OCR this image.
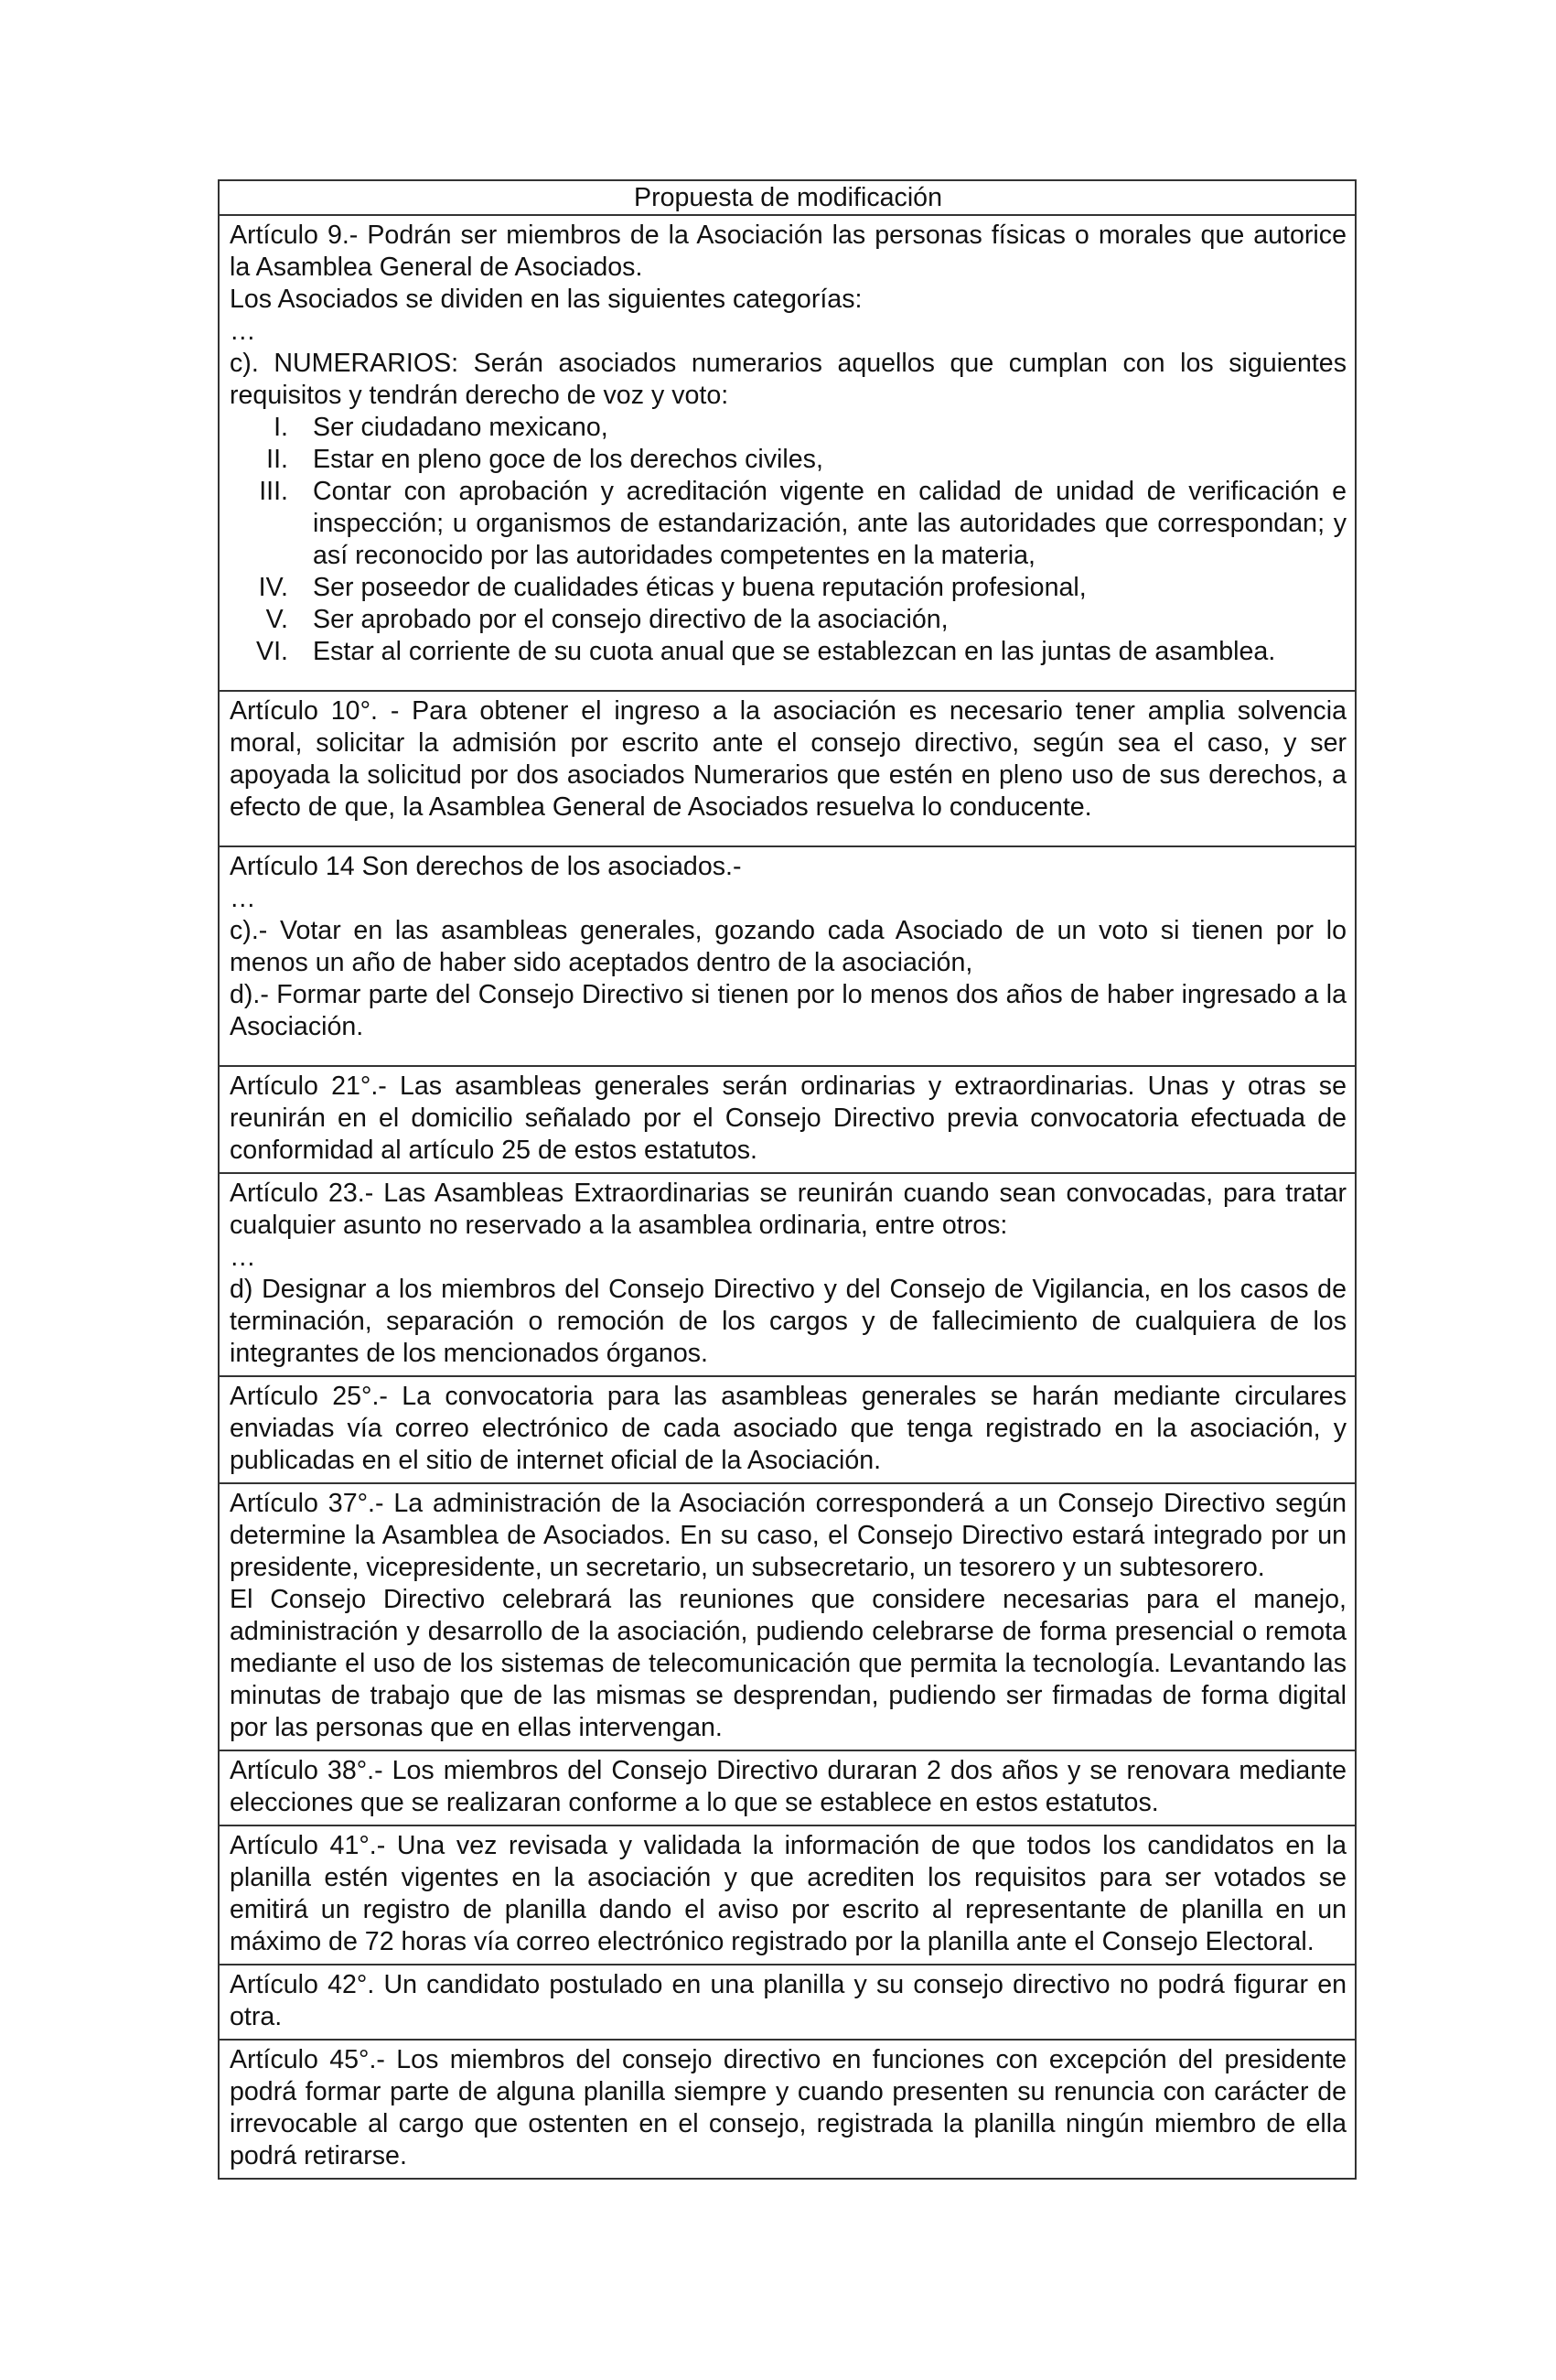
Propuesta de modificación

Artículo 9.- Podrán ser miembros de la Asociación las personas físicas o morales que autorice la Asamblea General de Asociados.
Los Asociados se dividen en las siguientes categorías:
…
c). NUMERARIOS: Serán asociados numerarios aquellos que cumplan con los siguientes requisitos y tendrán derecho de voz y voto:
I. Ser ciudadano mexicano,
II. Estar en pleno goce de los derechos civiles,
III. Contar con aprobación y acreditación vigente en calidad de unidad de verificación e inspección; u organismos de estandarización, ante las autoridades que correspondan; y así reconocido por las autoridades competentes en la materia,
IV. Ser poseedor de cualidades éticas y buena reputación profesional,
V. Ser aprobado por el consejo directivo de la asociación,
VI. Estar al corriente de su cuota anual que se establezcan en las juntas de asamblea.

Artículo 10°. - Para obtener el ingreso a la asociación es necesario tener amplia solvencia moral, solicitar la admisión por escrito ante el consejo directivo, según sea el caso, y ser apoyada la solicitud por dos asociados Numerarios que estén en pleno uso de sus derechos, a efecto de que, la Asamblea General de Asociados resuelva lo conducente.

Artículo 14 Son derechos de los asociados.-
…
c).- Votar en las asambleas generales, gozando cada Asociado de un voto si tienen por lo menos un año de haber sido aceptados dentro de la asociación,
d).- Formar parte del Consejo Directivo si tienen por lo menos dos años de haber ingresado a la Asociación.

Artículo 21°.- Las asambleas generales serán ordinarias y extraordinarias. Unas y otras se reunirán en el domicilio señalado por el Consejo Directivo previa convocatoria efectuada de conformidad al artículo 25 de estos estatutos.

Artículo 23.- Las Asambleas Extraordinarias se reunirán cuando sean convocadas, para tratar cualquier asunto no reservado a la asamblea ordinaria, entre otros:
…
d) Designar a los miembros del Consejo Directivo y del Consejo de Vigilancia, en los casos de terminación, separación o remoción de los cargos y de fallecimiento de cualquiera de los integrantes de los mencionados órganos.

Artículo 25°.- La convocatoria para las asambleas generales se harán mediante circulares enviadas vía correo electrónico de cada asociado que tenga registrado en la asociación, y publicadas en el sitio de internet oficial de la Asociación.

Artículo 37°.- La administración de la Asociación corresponderá a un Consejo Directivo según determine la Asamblea de Asociados. En su caso, el Consejo Directivo estará integrado por un presidente, vicepresidente, un secretario, un subsecretario, un tesorero y un subtesorero.
El Consejo Directivo celebrará las reuniones que considere necesarias para el manejo, administración y desarrollo de la asociación, pudiendo celebrarse de forma presencial o remota mediante el uso de los sistemas de telecomunicación que permita la tecnología. Levantando las minutas de trabajo que de las mismas se desprendan, pudiendo ser firmadas de forma digital por las personas que en ellas intervengan.

Artículo 38°.- Los miembros del Consejo Directivo duraran 2 dos años y se renovara mediante elecciones que se realizaran conforme a lo que se establece en estos estatutos.

Artículo 41°.- Una vez revisada y validada la información de que todos los candidatos en la planilla estén vigentes en la asociación y que acrediten los requisitos para ser votados se emitirá un registro de planilla dando el aviso por escrito al representante de planilla en un máximo de 72 horas vía correo electrónico registrado por la planilla ante el Consejo Electoral.

Artículo 42°. Un candidato postulado en una planilla y su consejo directivo no podrá figurar en otra.

Artículo 45°.- Los miembros del consejo directivo en funciones con excepción del presidente podrá formar parte de alguna planilla siempre y cuando presenten su renuncia con carácter de irrevocable al cargo que ostenten en el consejo, registrada la planilla ningún miembro de ella podrá retirarse.
